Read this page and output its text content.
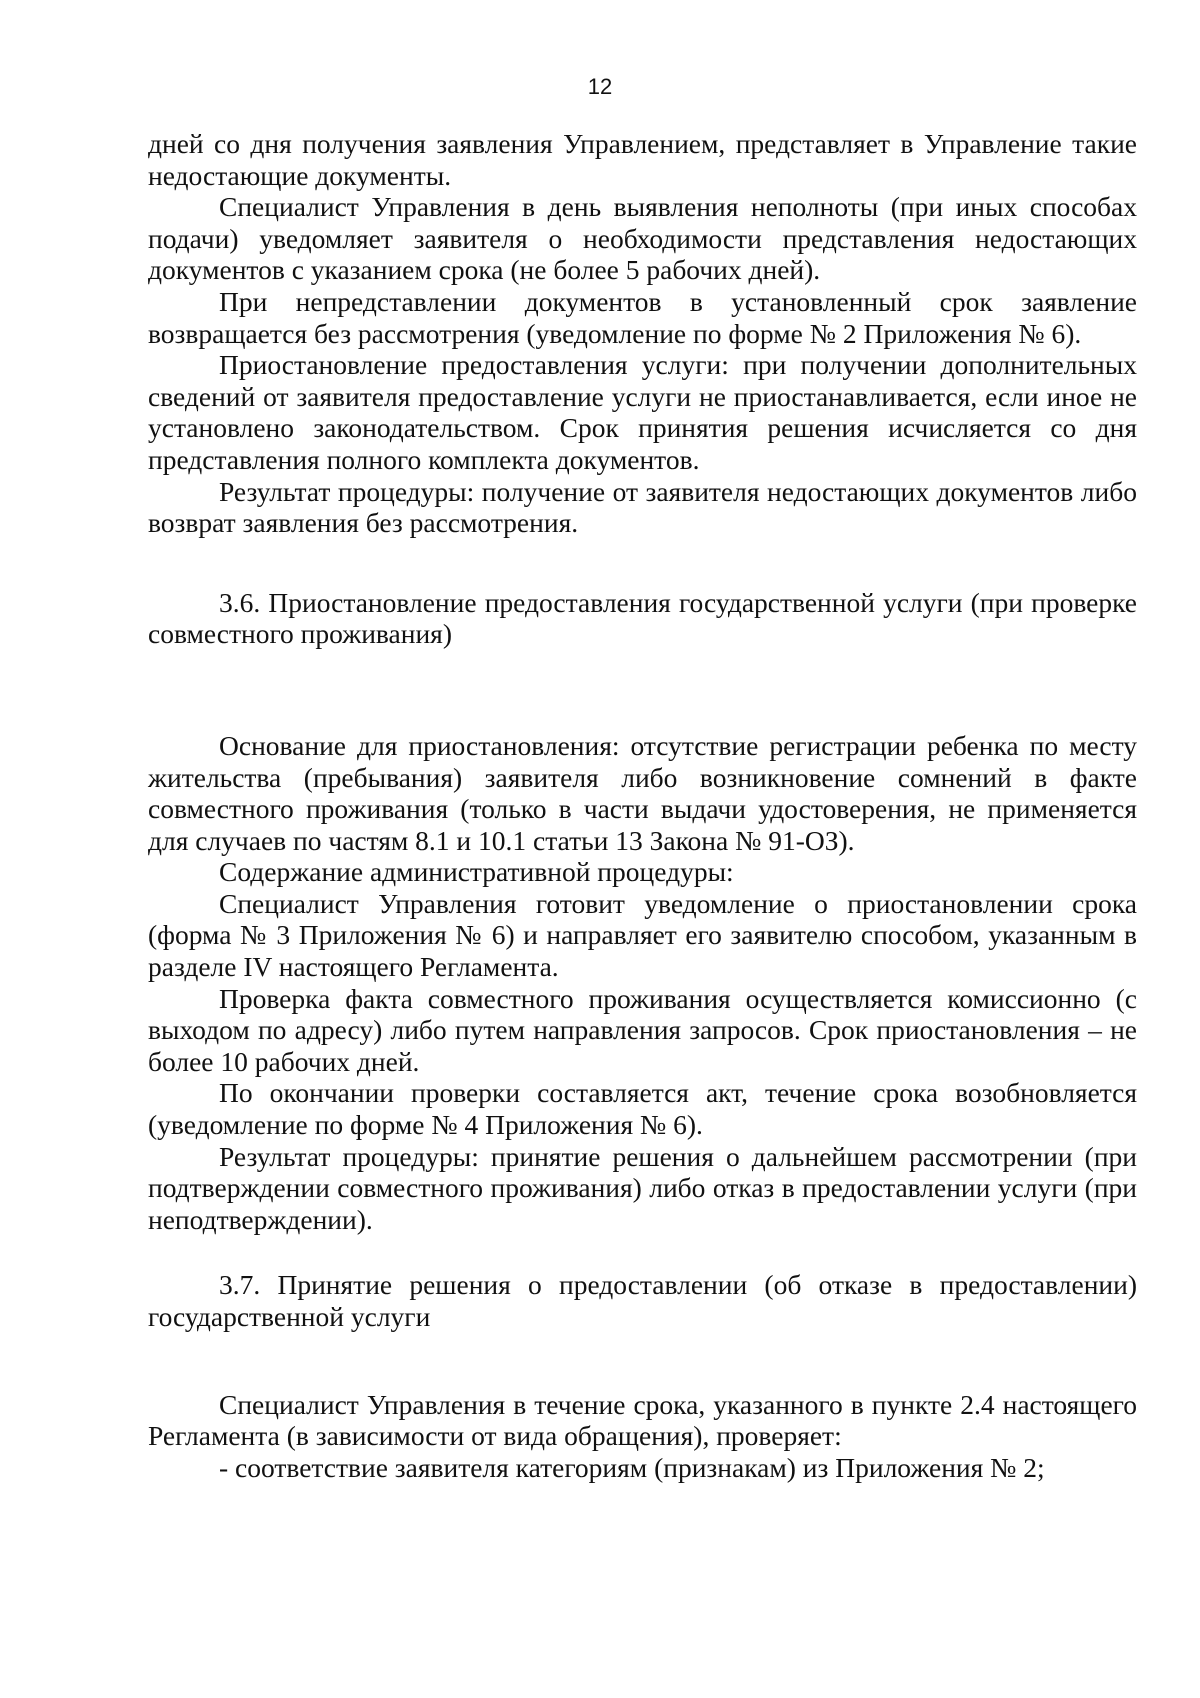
12

дней со дня получения заявления Управлением, представляет в Управление такие недостающие документы.

Специалист Управления в день выявления неполноты (при иных способах подачи) уведомляет заявителя о необходимости представления недостающих документов с указанием срока (не более 5 рабочих дней).

При непредставлении документов в установленный срок заявление возвращается без рассмотрения (уведомление по форме № 2 Приложения № 6).

Приостановление предоставления услуги: при получении дополнительных сведений от заявителя предоставление услуги не приостанавливается, если иное не установлено законодательством. Срок принятия решения исчисляется со дня представления полного комплекта документов.

Результат процедуры: получение от заявителя недостающих документов либо возврат заявления без рассмотрения.

3.6. Приостановление предоставления государственной услуги (при проверке совместного проживания)

Основание для приостановления: отсутствие регистрации ребенка по месту жительства (пребывания) заявителя либо возникновение сомнений в факте совместного проживания (только в части выдачи удостоверения, не применяется для случаев по частям 8.1 и 10.1 статьи 13 Закона № 91-ОЗ).

Содержание административной процедуры:

Специалист Управления готовит уведомление о приостановлении срока (форма № 3 Приложения № 6) и направляет его заявителю способом, указанным в разделе IV настоящего Регламента.

Проверка факта совместного проживания осуществляется комиссионно (с выходом по адресу) либо путем направления запросов. Срок приостановления – не более 10 рабочих дней.

По окончании проверки составляется акт, течение срока возобновляется (уведомление по форме № 4 Приложения № 6).

Результат процедуры: принятие решения о дальнейшем рассмотрении (при подтверждении совместного проживания) либо отказ в предоставлении услуги (при неподтверждении).

3.7. Принятие решения о предоставлении (об отказе в предоставлении) государственной услуги

Специалист Управления в течение срока, указанного в пункте 2.4 настоящего Регламента (в зависимости от вида обращения), проверяет:

- соответствие заявителя категориям (признакам) из Приложения № 2;
